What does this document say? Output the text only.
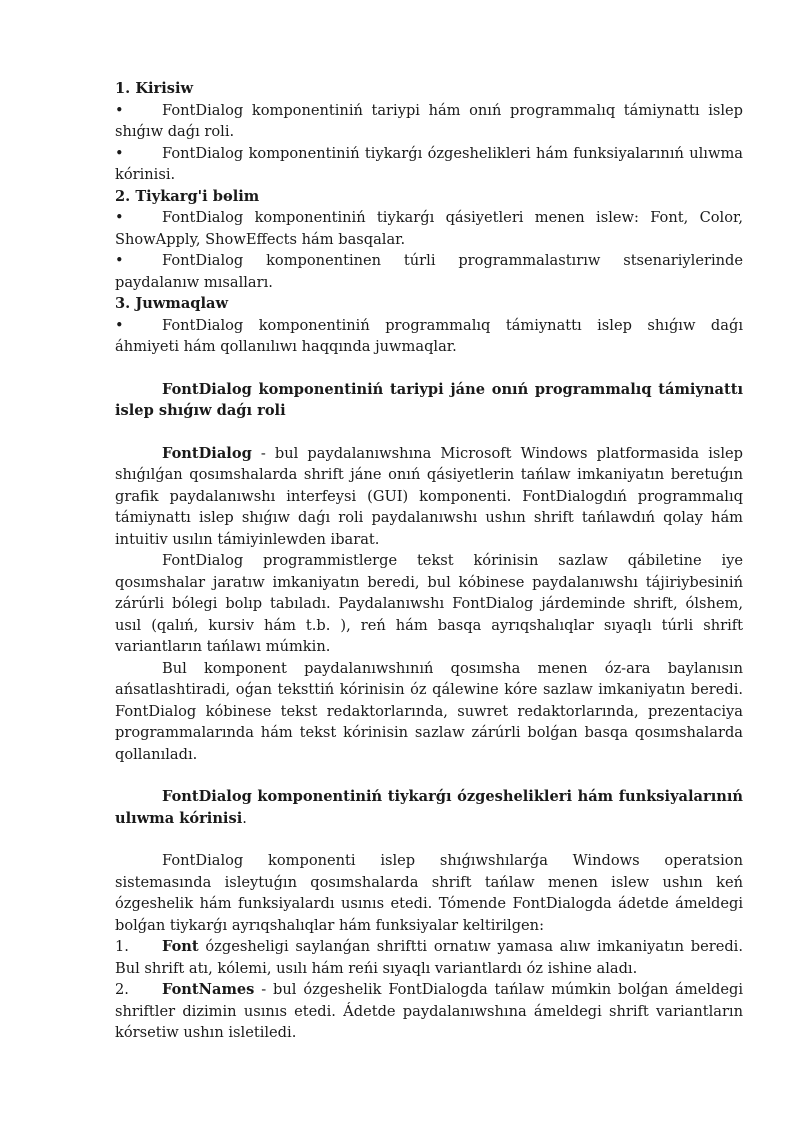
1. Kirisiw

•	FontDialog komponentiniń tariypi hám onıń programmalıq támiynattı islep shıǵıw daǵı roli.

•	FontDialog komponentiniń tiykarǵı ózgeshelikleri hám funksiyalarınıń ulıwma kórinisi.

2. Tiykarg'i bɵlim

•	FontDialog komponentiniń tiykarǵı qásiyetleri menen islew: Font, Color, ShowApply, ShowEffects hám basqalar.

•	FontDialog komponentinen túrli programmalastırıw stsenariylerinde paydalanıw mısalları.

3. Juwmaqlaw

•	FontDialog komponentiniń programmalıq támiynattı islep shıǵıw daǵı áhmiyeti hám qollanılıwı haqqında juwmaqlar.

FontDialog komponentiniń tariypi jáne onıń programmalıq támiynattı islep shıǵıw daǵı roli

FontDialog - bul paydalanıwshına Microsoft Windows platformasida islep shıǵılǵan qosımshalarda shrift jáne onıń qásiyetlerin tańlaw imkaniyatın beretuǵın grafik paydalanıwshı interfeysi (GUI) komponenti. FontDialogdıń programmalıq támiynattı islep shıǵıw daǵı roli paydalanıwshı ushın shrift tańlawdıń qolay hám intuitiv usılın támiyinlewden ibarat.

FontDialog programmistlerge tekst kórinisin sazlaw qábiletine iye qosımshalar jaratıw imkaniyatın beredi, bul kóbinese paydalanıwshı tájiriybesiniń zárúrli bólegi bolıp tabıladı. Paydalanıwshı FontDialog járdeminde shrift, ólshem, usıl (qalıń, kursiv hám t.b. ), reń hám basqa ayrıqshalıqlar sıyaqlı túrli shrift variantların tańlawı múmkin.

Bul komponent paydalanıwshınıń qosımsha menen óz-ara baylanısın ańsatlashtiradi, oǵan teksttiń kórinisin óz qálewine kóre sazlaw imkaniyatın beredi. FontDialog kóbinese tekst redaktorlarında, suwret redaktorlarında, prezentaciya programmalarında hám tekst kórinisin sazlaw zárúrli bolǵan basqa qosımshalarda qollanıladı.

FontDialog komponentiniń tiykarǵı ózgeshelikleri hám funksiyalarınıń ulıwma kórinisi.

FontDialog komponenti islep shıǵıwshılarǵa Windows operatsion sistemasında isleytuǵın qosımshalarda shrift tańlaw menen islew ushın keń ózgeshelik hám funksiyalardı usınıs etedi. Tómende FontDialogda ádetde ámeldegi bolǵan tiykarǵı ayrıqshalıqlar hám funksiyalar keltirilgen:

1. Font ózgesheligi saylanǵan shriftti ornatıw yamasa alıw imkaniyatın beredi. Bul shrift atı, kólemi, usılı hám reńi sıyaqlı variantlardı óz ishine aladı.

2. FontNames - bul ózgeshelik FontDialogda tańlaw múmkin bolǵan ámeldegi shriftler dizimin usınıs etedi. Ádetde paydalanıwshına ámeldegi shrift variantların kórsetiw ushın isletiledi.
